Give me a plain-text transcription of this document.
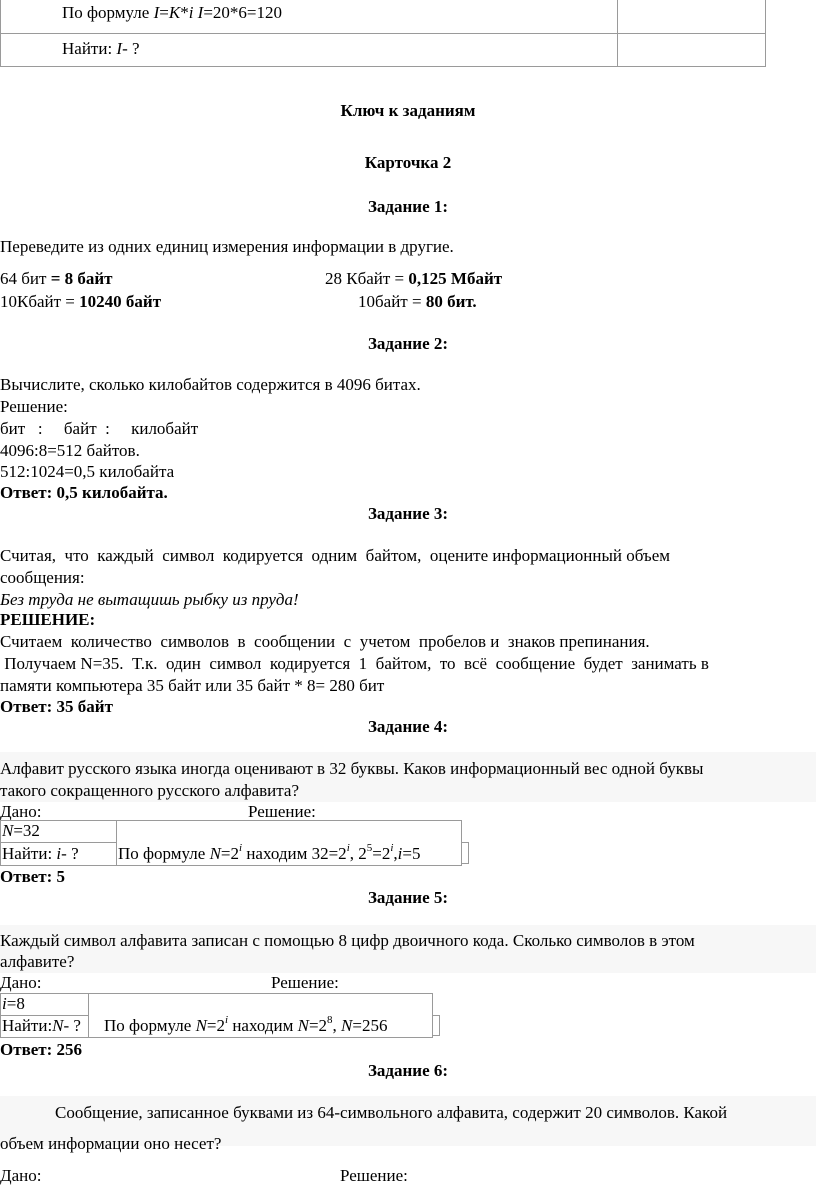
По формуле I=K*i I=20*6=120
Найти: I- ?
Ключ к заданиям
Карточка 2
Задание 1:
Переведите из одних единиц измерения информации в другие.
64 бит = 8 байт	28 Кбайт = 0,125 Мбайт
10Кбайт = 10240 байт	10байт = 80 бит.
Задание 2:
Вычислите, сколько килобайтов содержится в 4096 битах.
Решение:
бит   :     байт  :     килобайт
4096:8=512 байтов.
512:1024=0,5 килобайта
Ответ: 0,5 килобайта.
Задание 3:
Считая,  что  каждый  символ  кодируется  одним  байтом,  оцените информационный объем
сообщения:
Без труда не вытащишь рыбку из пруда!
РЕШЕНИЕ:
Считаем  количество  символов  в  сообщении  с  учетом  пробелов и  знаков препинания.
Получаем N=35.  Т.к.  один  символ  кодируется  1  байтом,  то  всё  сообщение  будет  занимать в
памяти компьютера 35 байт или 35 байт * 8= 280 бит
Ответ: 35 байт
Задание 4:
Алфавит русского языка иногда оценивают в 32 буквы. Каков информационный вес одной буквы
такого сокращенного русского алфавита?
Дано:	Решение:
N=32
Найти: i- ? По формуле $N=2^i$ находим $32=2^i$, $2^5=2^i,i=5$
Ответ: 5
Задание 5:
Каждый символ алфавита записан с помощью 8 цифр двоичного кода. Сколько символов в этом
алфавите?
Дано:	Решение:
i=8
Найти:N- ? По формуле $N=2^i$ находим $N=2^8$, N=256
Ответ: 256
Задание 6:
Сообщение, записанное буквами из 64-символьного алфавита, содержит 20 символов. Какой
объем информации оно несет?
Дано:	Решение:
